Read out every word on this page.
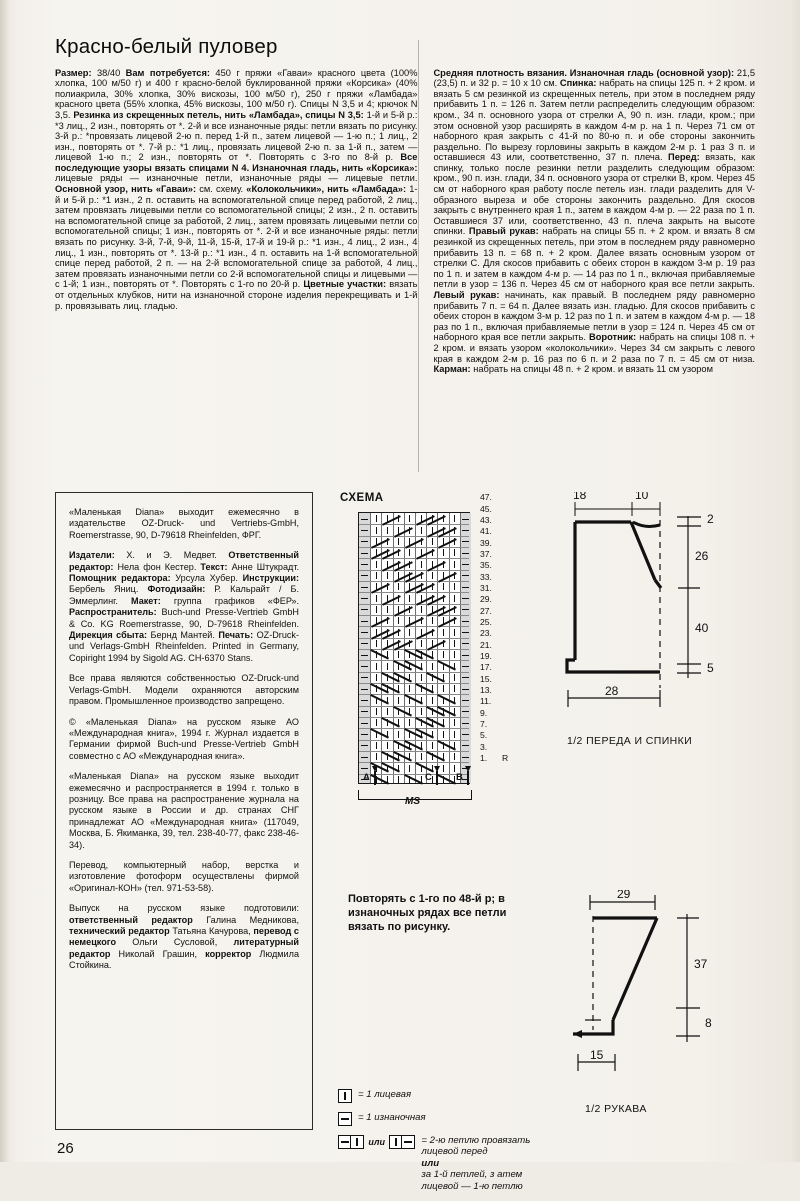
Красно-белый пуловер

Размер: 38/40 Вам потребуется: 450 г пряжи «Гаваи» красного цвета (100% хлопка, 100 м/50 г) и 400 г красно-белой буклированной пряжи «Корсика» (40% полиакрила, 30% хлопка, 30% вискозы, 100 м/50 г), 250 г пряжи «Ламбада» красного цвета (55% хлопка, 45% вискозы, 100 м/50 г). Спицы N 3,5 и 4; крючок N 3,5. Резинка из скрещенных петель, нить «Ламбада», спицы N 3,5: 1-й и 5-й р.: *3 лиц., 2 изн., повторять от *. 2-й и все изнаночные ряды: петли вязать по рисунку. 3-й р.: *провязать лицевой 2-ю п. перед 1-й п., затем лицевой — 1-ю п.; 1 лиц., 2 изн., повторять от *. 7-й р.: *1 лиц., провязать лицевой 2-ю п. за 1-й п., затем — лицевой 1-ю п.; 2 изн., повторять от *. Повторять с 3-го по 8-й р. Все последующие узоры вязать спицами N 4. Изнаночная гладь, нить «Корсика»: лицевые ряды — изнаночные петли, изнаночные ряды — лицевые петли. Основной узор, нить «Гаваи»: см. схему. «Колокольчики», нить «Ламбада»: 1-й и 5-й р.: *1 изн., 2 п. оставить на вспомогательной спице перед работой, 2 лиц., затем провязать лицевыми петли со вспомогательной спицы; 2 изн., 2 п. оставить на вспомогательной спице за работой, 2 лиц., затем провязать лицевыми петли со вспомогательной спицы; 1 изн., повторять от *. 2-й и все изнаночные ряды: петли вязать по рисунку. 3-й, 7-й, 9-й, 11-й, 15-й, 17-й и 19-й р.: *1 изн., 4 лиц., 2 изн., 4 лиц., 1 изн., повторять от *. 13-й р.: *1 изн., 4 п. оставить на 1-й вспомогательной спице перед работой, 2 п. — на 2-й вспомогательной спице за работой, 4 лиц., затем провязать изнаночными петли со 2-й вспомогательной спицы и лицевыми — с 1-й; 1 изн., повторять от *. Повторять с 1-го по 20-й р. Цветные участки: вязать от отдельных клубков, нити на изнаночной стороне изделия перекрещивать и 1-й р. провязывать лиц. гладью.

Средняя плотность вязания. Изнаночная гладь (основной узор): 21,5 (23,5) п. и 32 р. = 10 х 10 см. Спинка: набрать на спицы 125 п. + 2 кром. и вязать 5 см резинкой из скрещенных петель, при этом в последнем ряду прибавить 1 п. = 126 п. Затем петли распределить следующим образом: кром., 34 п. основного узора от стрелки А, 90 п. изн. глади, кром.; при этом основной узор расширять в каждом 4-м р. на 1 п. Через 71 см от наборного края закрыть с 41-й по 80-ю п. и обе стороны закончить раздельно. По вырезу горловины закрыть в каждом 2-м р. 1 раз 3 п. и оставшиеся 43 или, соответственно, 37 п. плеча. Перед: вязать, как спинку, только после резинки петли разделить следующим образом: кром., 90 п. изн. глади, 34 п. основного узора от стрелки В, кром. Через 45 см от наборного края работу после петель изн. глади разделить для V-образного выреза и обе стороны закончить раздельно. Для скосов закрыть с внутреннего края 1 п., затем в каждом 4-м р. — 22 раза по 1 п. Оставшиеся 37 или, соответственно, 43 п. плеча закрыть на высоте спинки. Правый рукав: набрать на спицы 55 п. + 2 кром. и вязать 8 см резинкой из скрещенных петель, при этом в последнем ряду равномерно прибавить 13 п. = 68 п. + 2 кром. Далее вязать основным узором от стрелки С. Для скосов прибавить с обеих сторон в каждом 3-м р. 19 раз по 1 п. и затем в каждом 4-м р. — 14 раз по 1 п., включая прибавляемые петли в узор = 136 п. Через 45 см от наборного края все петли закрыть. Левый рукав: начинать, как правый. В последнем ряду равномерно прибавить 7 п. = 64 п. Далее вязать изн. гладью. Для скосов прибавить с обеих сторон в каждом 3-м р. 12 раз по 1 п. и затем в каждом 4-м р. — 18 раз по 1 п., включая прибавляемые петли в узор = 124 п. Через 45 см от наборного края все петли закрыть. Воротник: набрать на спицы 108 п. + 2 кром. и вязать узором «колокольчики». Через 34 см закрыть с левого края в каждом 2-м р. 16 раз по 6 п. и 2 раза по 7 п. = 45 см от низа. Карман: набрать на спицы 48 п. + 2 кром. и вязать 11 см узором

«Маленькая Diana» выходит ежемесячно в издательстве OZ-Druck- und Vertriebs-GmbH, Roemerstrasse, 90, D-79618 Rheinfelden, ФРГ.

Издатели: Х. и Э. Медвет. Ответственный редактор: Нела фон Кестер. Текст: Анне Штукрадт. Помощник редактора: Урсула Хубер. Инструкции: Бербель Яниц. Фотодизайн: Р. Кальрайт / Б. Эммерлинг. Макет: группа графиков «ФЕР». Распространитель: Buch-und Presse-Vertrieb GmbH & Co. KG Roemerstrasse, 90, D-79618 Rheinfelden. Дирекция сбыта: Бернд Мантей. Печать: OZ-Druck- und Verlags-GmbH Rheinfelden. Printed in Germany, Copiright 1994 by Sigold AG. CH-6370 Stans.

Все права являются собственностью OZ-Druck-und Verlags-GmbH. Модели охраняются авторским правом. Промышленное производство запрещено.

© «Маленькая Diana» на русском языке АО «Международная книга», 1994 г. Журнал издается в Германии фирмой Buch-und Presse-Vertrieb GmbH совместно с АО «Международная книга».

«Маленькая Diana» на русском языке выходит ежемесячно и распространяется в 1994 г. только в розницу. Все права на распространение журнала на русском языке в России и др. странах СНГ принадлежат АО «Международная книга» (117049, Москва, Б. Якиманка, 39, тел. 238-40-77, факс 238-46-34).

Перевод, компьютерный набор, верстка и изготовление фотоформ осуществлены фирмой «Оригинал-КОН» (тел. 971-53-58).

Выпуск на русском языке подготовили: ответственный редактор Галина Медникова, технический редактор Татьяна Качурова, перевод с немецкого Ольги Сусловой, литературный редактор Николай Грашин, корректор Людмила Стойкина.

26
СХЕМА	47.
45.
43.
41.
39.
37.
35.
33.
31.
29.
27.
25.
23.
21.
19.
17.
15.
13.
11.
9.
7.
5.
3.
1. R
MS
A	C	B
Повторять с 1-го по 48-й р; в изнаночных рядах все петли вязать по рисунку.
= 1 лицевая
= 1 изнаночная
или	= 2-ю петлю провязать лицевой перед
или
за 1-й петлей, з атем лицевой — 1-ю петлю
2
26
40
5
28
18	10
1/2 ПЕРЕДА И СПИНКИ
29
37
8
15
1/2 РУКАВА
